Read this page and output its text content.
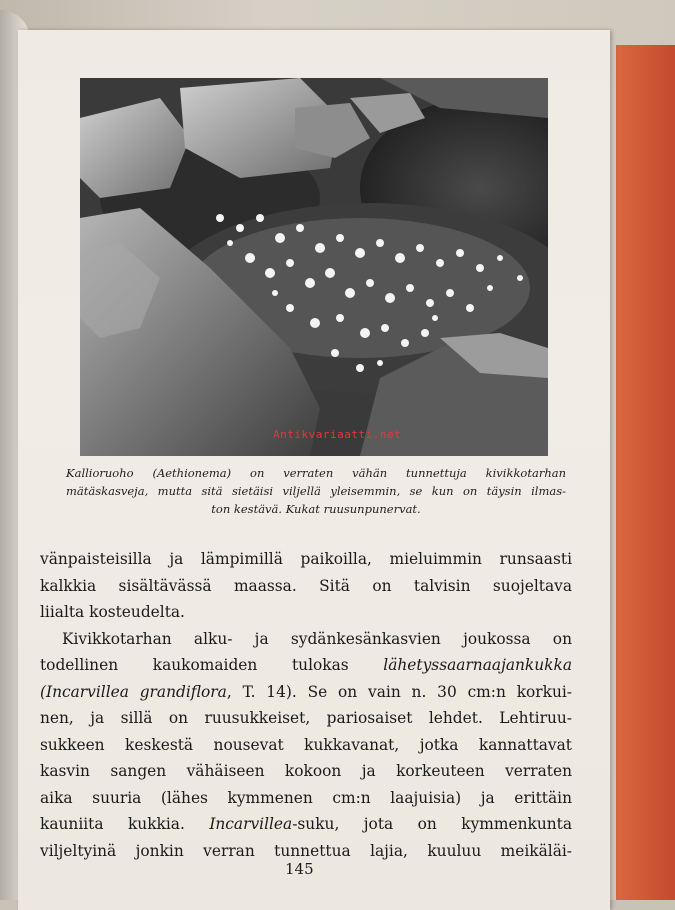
Antikvariaatti.net
Kallioruoho (Aethionema) on verraten vähän tunnettuja kivikkotarhan
mätäskasveja, mutta sitä sietäisi viljellä yleisemmin, se kun on täysin ilmas-
ton kestävä. Kukat ruusunpunervat.
vänpaisteisilla ja lämpimillä paikoilla, mieluimmin runsaasti
kalkkia sisältävässä maassa. Sitä on talvisin suojeltava
liialta kosteudelta.
Kivikkotarhan alku- ja sydänkesänkasvien joukossa on
todellinen kaukomaiden tulokas lähetyssaarnaajankukka
(Incarvillea grandiflora, T. 14). Se on vain n. 30 cm:n korkui-
nen, ja sillä on ruusukkeiset, pariosaiset lehdet. Lehtiruu-
sukkeen keskestä nousevat kukkavanat, jotka kannattavat
kasvin sangen vähäiseen kokoon ja korkeuteen verraten
aika suuria (lähes kymmenen cm:n laajuisia) ja erittäin
kauniita kukkia. Incarvillea-suku, jota on kymmenkunta
viljeltyinä jonkin verran tunnettua lajia, kuuluu meikäläi-
145
